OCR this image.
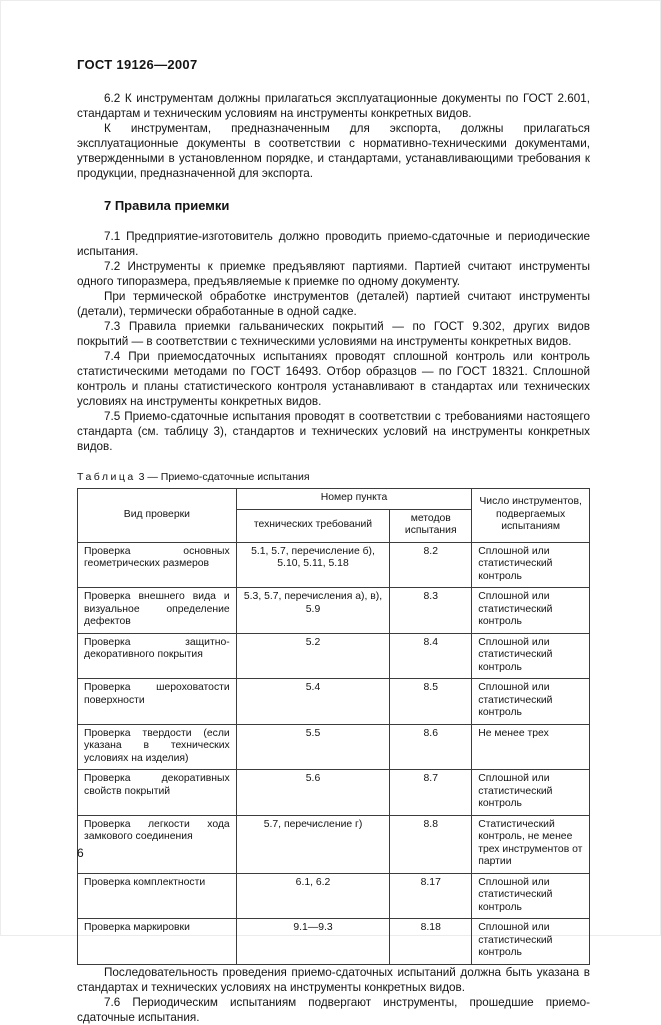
ГОСТ 19126—2007

6.2 К инструментам должны прилагаться эксплуатационные документы по ГОСТ 2.601, стандартам и техническим условиям на инструменты конкретных видов.

К инструментам, предназначенным для экспорта, должны прилагаться эксплуатационные документы в соответствии с нормативно-техническими документами, утвержденными в установленном порядке, и стандартами, устанавливающими требования к продукции, предназначенной для экспорта.

7 Правила приемки

7.1 Предприятие-изготовитель должно проводить приемо-сдаточные и периодические испытания.

7.2 Инструменты к приемке предъявляют партиями. Партией считают инструменты одного типоразмера, предъявляемые к приемке по одному документу.

При термической обработке инструментов (деталей) партией считают инструменты (детали), термически обработанные в одной садке.

7.3 Правила приемки гальванических покрытий — по ГОСТ 9.302, других видов покрытий — в соответствии с техническими условиями на инструменты конкретных видов.

7.4 При приемосдаточных испытаниях проводят сплошной контроль или контроль статистическими методами по ГОСТ 16493. Отбор образцов — по ГОСТ 18321. Сплошной контроль и планы статистического контроля устанавливают в стандартах или технических условиях на инструменты конкретных видов.

7.5 Приемо-сдаточные испытания проводят в соответствии с требованиями настоящего стандарта (см. таблицу 3), стандартов и технических условий на инструменты конкретных видов.

Таблица 3 — Приемо-сдаточные испытания
Вид проверки	Номер пункта		Число инструментов, подвергаемых испытаниям
	технических требований	методов испытания	
Проверка основных геометрических размеров	5.1, 5.7, перечисление б), 5.10, 5.11, 5.18	8.2	Сплошной или статистический контроль
Проверка внешнего вида и визуальное определение дефектов	5.3, 5.7, перечисления а), в), 5.9	8.3	Сплошной или статистический контроль
Проверка защитно-декоративного покрытия	5.2	8.4	Сплошной или статистический контроль
Проверка шероховатости поверхности	5.4	8.5	Сплошной или статистический контроль
Проверка твердости (если указана в технических условиях на изделия)	5.5	8.6	Не менее трех
Проверка декоративных свойств покрытий	5.6	8.7	Сплошной или статистический контроль
Проверка легкости хода замкового соединения	5.7, перечисление г)	8.8	Статистический контроль, не менее трех инструментов от партии
Проверка комплектности	6.1, 6.2	8.17	Сплошной или статистический контроль
Проверка маркировки	9.1—9.3	8.18	Сплошной или статистический контроль

Последовательность проведения приемо-сдаточных испытаний должна быть указана в стандартах и технических условиях на инструменты конкретных видов.

7.6 Периодическим испытаниям подвергают инструменты, прошедшие приемо-сдаточные испытания.

6
